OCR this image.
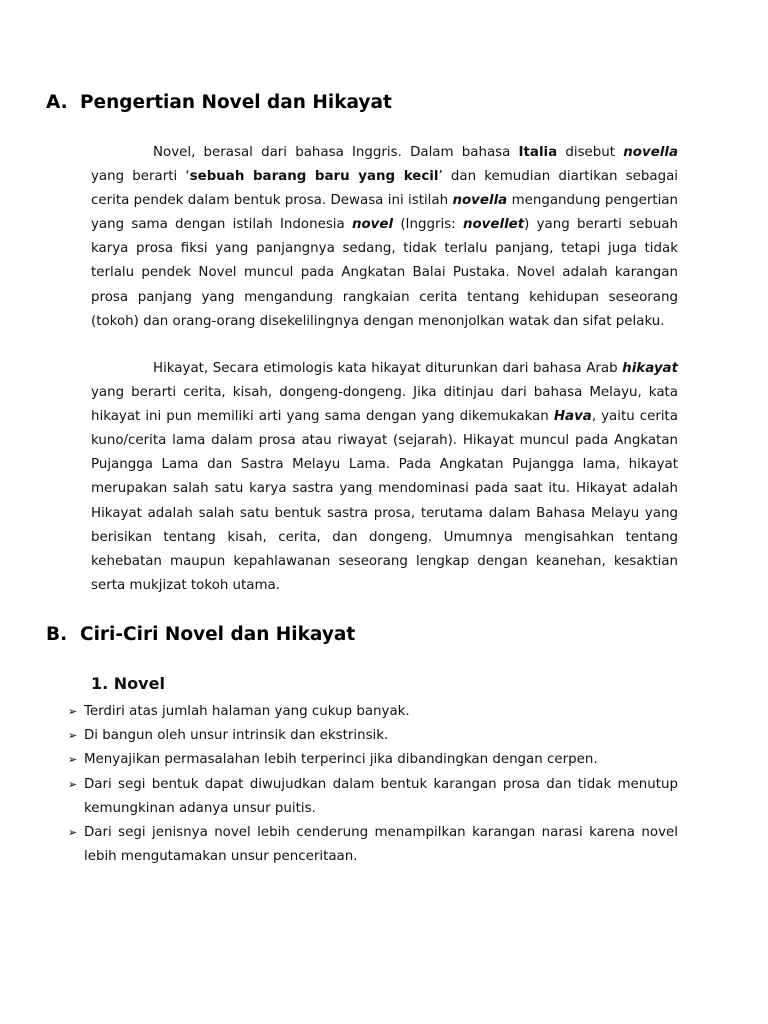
A. Pengertian Novel dan Hikayat

Novel, berasal dari bahasa Inggris. Dalam bahasa Italia disebut novella yang berarti ‘sebuah barang baru yang kecil’ dan kemudian diartikan sebagai cerita pendek dalam bentuk prosa. Dewasa ini istilah novella mengandung pengertian yang sama dengan istilah Indonesia novel (Inggris: novellet) yang berarti sebuah karya prosa fiksi yang panjangnya sedang, tidak terlalu panjang, tetapi juga tidak terlalu pendek Novel muncul pada Angkatan Balai Pustaka. Novel adalah karangan prosa panjang yang mengandung rangkaian cerita tentang kehidupan seseorang (tokoh) dan orang-orang disekelilingnya dengan menonjolkan watak dan sifat pelaku.

Hikayat, Secara etimologis kata hikayat diturunkan dari bahasa Arab hikayat yang berarti cerita, kisah, dongeng-dongeng. Jika ditinjau dari bahasa Melayu, kata hikayat ini pun memiliki arti yang sama dengan yang dikemukakan Hava, yaitu cerita kuno/cerita lama dalam prosa atau riwayat (sejarah). Hikayat muncul pada Angkatan Pujangga Lama dan Sastra Melayu Lama. Pada Angkatan Pujangga lama, hikayat merupakan salah satu karya sastra yang mendominasi pada saat itu. Hikayat adalah Hikayat adalah salah satu bentuk sastra prosa, terutama dalam Bahasa Melayu yang berisikan tentang kisah, cerita, dan dongeng. Umumnya mengisahkan tentang kehebatan maupun kepahlawanan seseorang lengkap dengan keanehan, kesaktian serta mukjizat tokoh utama.

B. Ciri-Ciri Novel dan Hikayat
1. Novel
➢ Terdiri atas jumlah halaman yang cukup banyak.
➢ Di bangun oleh unsur intrinsik dan ekstrinsik.
➢ Menyajikan permasalahan lebih terperinci jika dibandingkan dengan cerpen.
➢ Dari segi bentuk dapat diwujudkan dalam bentuk karangan prosa dan tidak menutup kemungkinan adanya unsur puitis.
➢ Dari segi jenisnya novel lebih cenderung menampilkan karangan narasi karena novel lebih mengutamakan unsur penceritaan.
